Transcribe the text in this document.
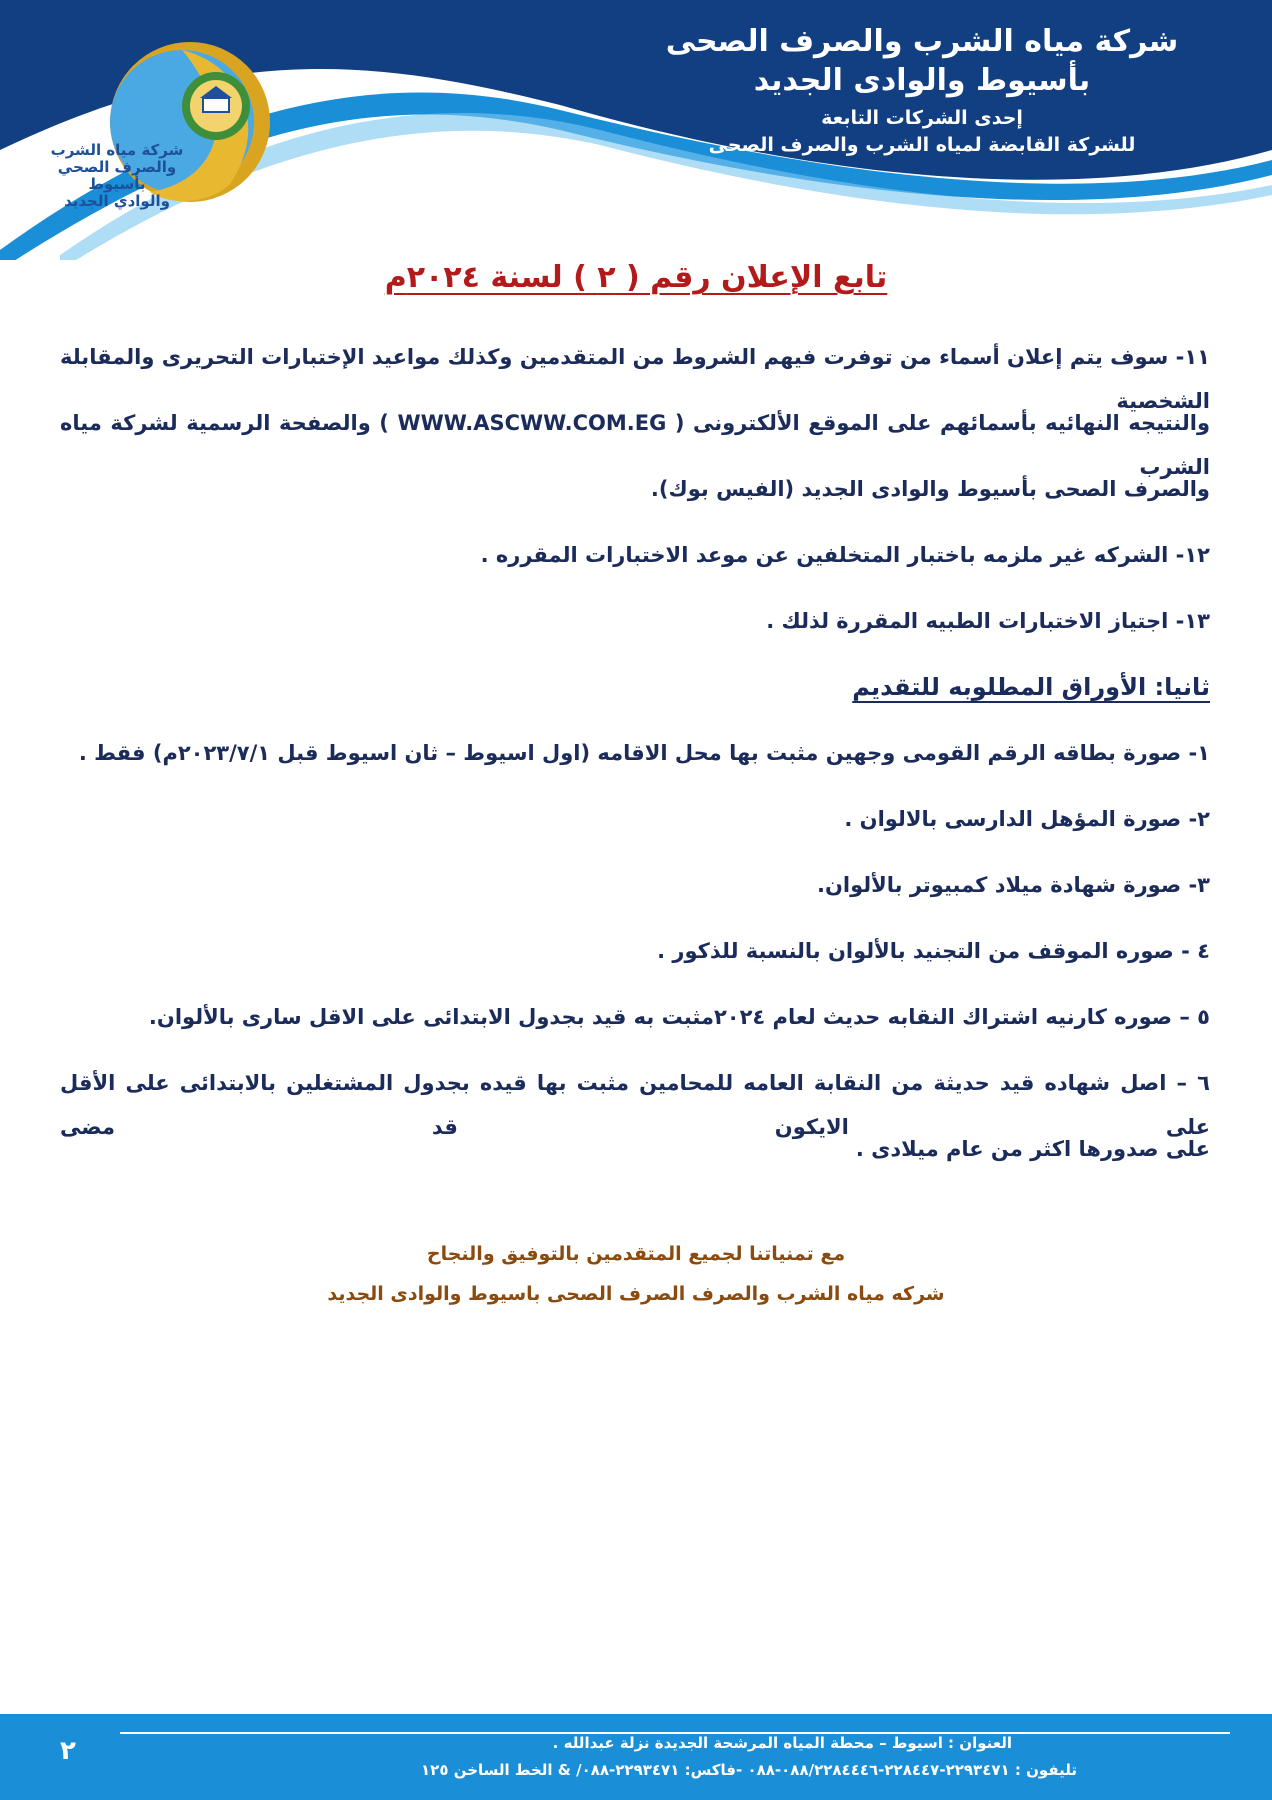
شركة مياه الشرب
والصرف الصحي بأسيوط
والوادي الجديد
شركة مياه الشرب والصرف الصحى
بأسيوط والوادى الجديد
إحدى الشركات التابعة
للشركة القابضة لمياه الشرب والصرف الصحى
تابع الإعلان رقم ( ٢ ) لسنة ٢٠٢٤م
١١- سوف يتم إعلان أسماء من توفرت فيهم الشروط من المتقدمين وكذلك مواعيد الإختبارات التحريرى والمقابلة الشخصية
والنتيجه النهائيه بأسمائهم على الموقع الألكترونى ( WWW.ASCWW.COM.EG ) والصفحة الرسمية لشركة مياه الشرب
والصرف الصحى بأسيوط والوادى الجديد (الفيس بوك).
١٢- الشركه غير ملزمه باختبار المتخلفين عن موعد الاختبارات المقرره .
١٣- اجتياز الاختبارات الطبيه المقررة لذلك .
ثانيا: الأوراق المطلوبه للتقديم
١- صورة بطاقه الرقم القومى وجهين مثبت بها محل الاقامه (اول اسيوط – ثان اسيوط قبل ٢٠٢٣/٧/١م) فقط .
٢- صورة المؤهل الدارسى بالالوان .
٣- صورة شهادة ميلاد كمبيوتر بالألوان.
٤ - صوره الموقف من التجنيد بالألوان بالنسبة للذكور .
٥ – صوره كارنيه اشتراك النقابه حديث لعام ٢٠٢٤مثبت به قيد بجدول الابتدائى على الاقل سارى بالألوان.
٦ – اصل شهاده قيد حديثة من النقابة العامه للمحامين مثبت بها قيده بجدول المشتغلين بالابتدائى على الأقل على الايكون قد مضى
على صدورها اكثر من عام ميلادى .
مع تمنياتنا لجميع المتقدمين بالتوفيق والنجاح
شركه مياه الشرب والصرف الصرف الصحى باسيوط والوادى الجديد
العنوان : اسيوط – محطة المياه المرشحة الجديدة نزلة عبدالله .
تليفون : ٢٢٩٣٤٧١-٢٢٨٤٤٧-٠٨٨/٢٢٨٤٤٤٦-٠٨٨ -فاكس: ٢٢٩٣٤٧١-٠٨٨/ & الخط الساخن ١٢٥
٢
